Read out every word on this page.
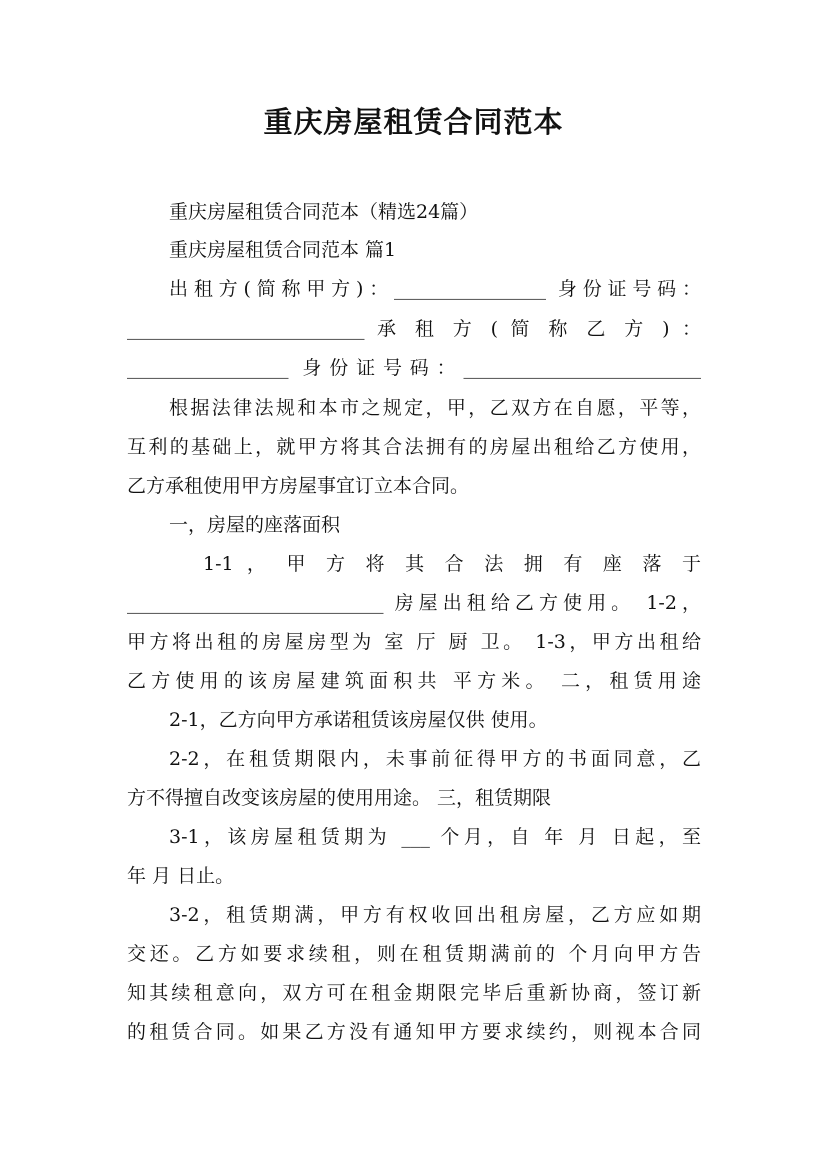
重庆房屋租赁合同范本
重庆房屋租赁合同范本（精选24篇）
重庆房屋租赁合同范本 篇1
出租方(简称甲方)：________________ 身份证号码：
_________________________ 承 租 方 ( 简 称 乙 方 ) ：
_________________ 身份证号码：_________________________
根据法律法规和本市之规定，甲，乙双方在自愿，平等，
互利的基础上，就甲方将其合法拥有的房屋出租给乙方使用，
乙方承租使用甲方房屋事宜订立本合同。
一，房屋的座落面积
1-1 ， 甲 方 将 其 合 法 拥 有 座 落 于
___________________________ 房屋出租给乙方使用。 1-2，
甲方将出租的房屋房型为 室 厅 厨 卫。 1-3，甲方出租给
乙方使用的该房屋建筑面积共 平方米。 二，租赁用途
2-1，乙方向甲方承诺租赁该房屋仅供 使用。
2-2，在租赁期限内，未事前征得甲方的书面同意，乙
方不得擅自改变该房屋的使用用途。 三，租赁期限
3-1，该房屋租赁期为 ___ 个月，自 年 月 日起，至
年 月 日止。
3-2，租赁期满，甲方有权收回出租房屋，乙方应如期
交还。乙方如要求续租，则在租赁期满前的 个月向甲方告
知其续租意向，双方可在租金期限完毕后重新协商，签订新
的租赁合同。如果乙方没有通知甲方要求续约，则视本合同
